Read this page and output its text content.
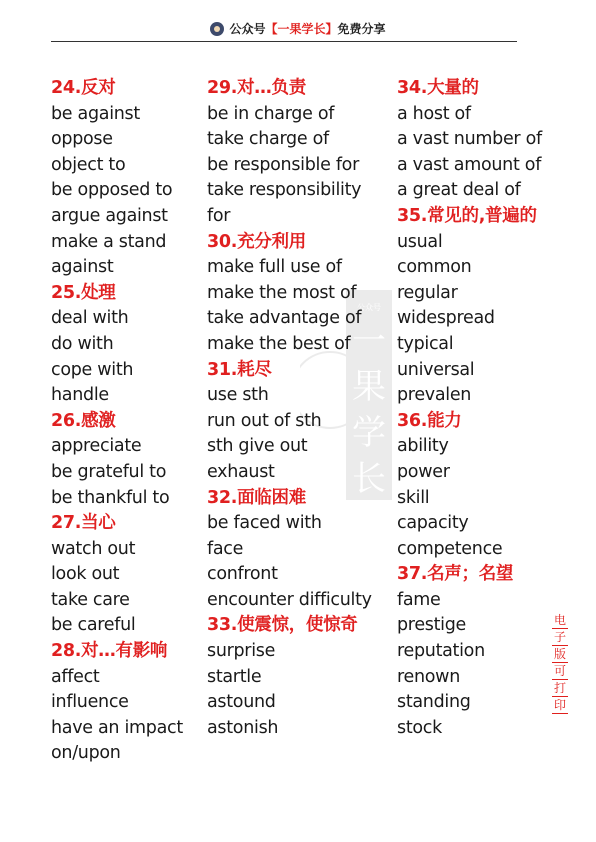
公众号 【一果学长】 免费分享
公众号
一
果
学
长
24.反对
be against
oppose
object to
be opposed to
argue against
make a stand
against
25.处理
deal with
do with
cope with
handle
26.感激
appreciate
be grateful to
be thankful to
27.当心
watch out
look out
take care
be careful
28.对…有影响
affect
influence
have an impact
on/upon
29.对…负责
be in charge of
take charge of
be responsible for
take responsibility
for
30.充分利用
make full use of
make the most of
take advantage of
make the best of
31.耗尽
use sth
run out of sth
sth give out
exhaust
32.面临困难
be faced with
face
confront
encounter difficulty
33.使震惊，使惊奇
surprise
startle
astound
astonish
34.大量的
a host of
a vast number of
a vast amount of
a great deal of
35.常见的,普遍的
usual
common
regular
widespread
typical
universal
prevalen
36.能力
ability
power
skill
capacity
competence
37.名声；名望
fame
prestige
reputation
renown
standing
stock
电
子
版
可
打
印
